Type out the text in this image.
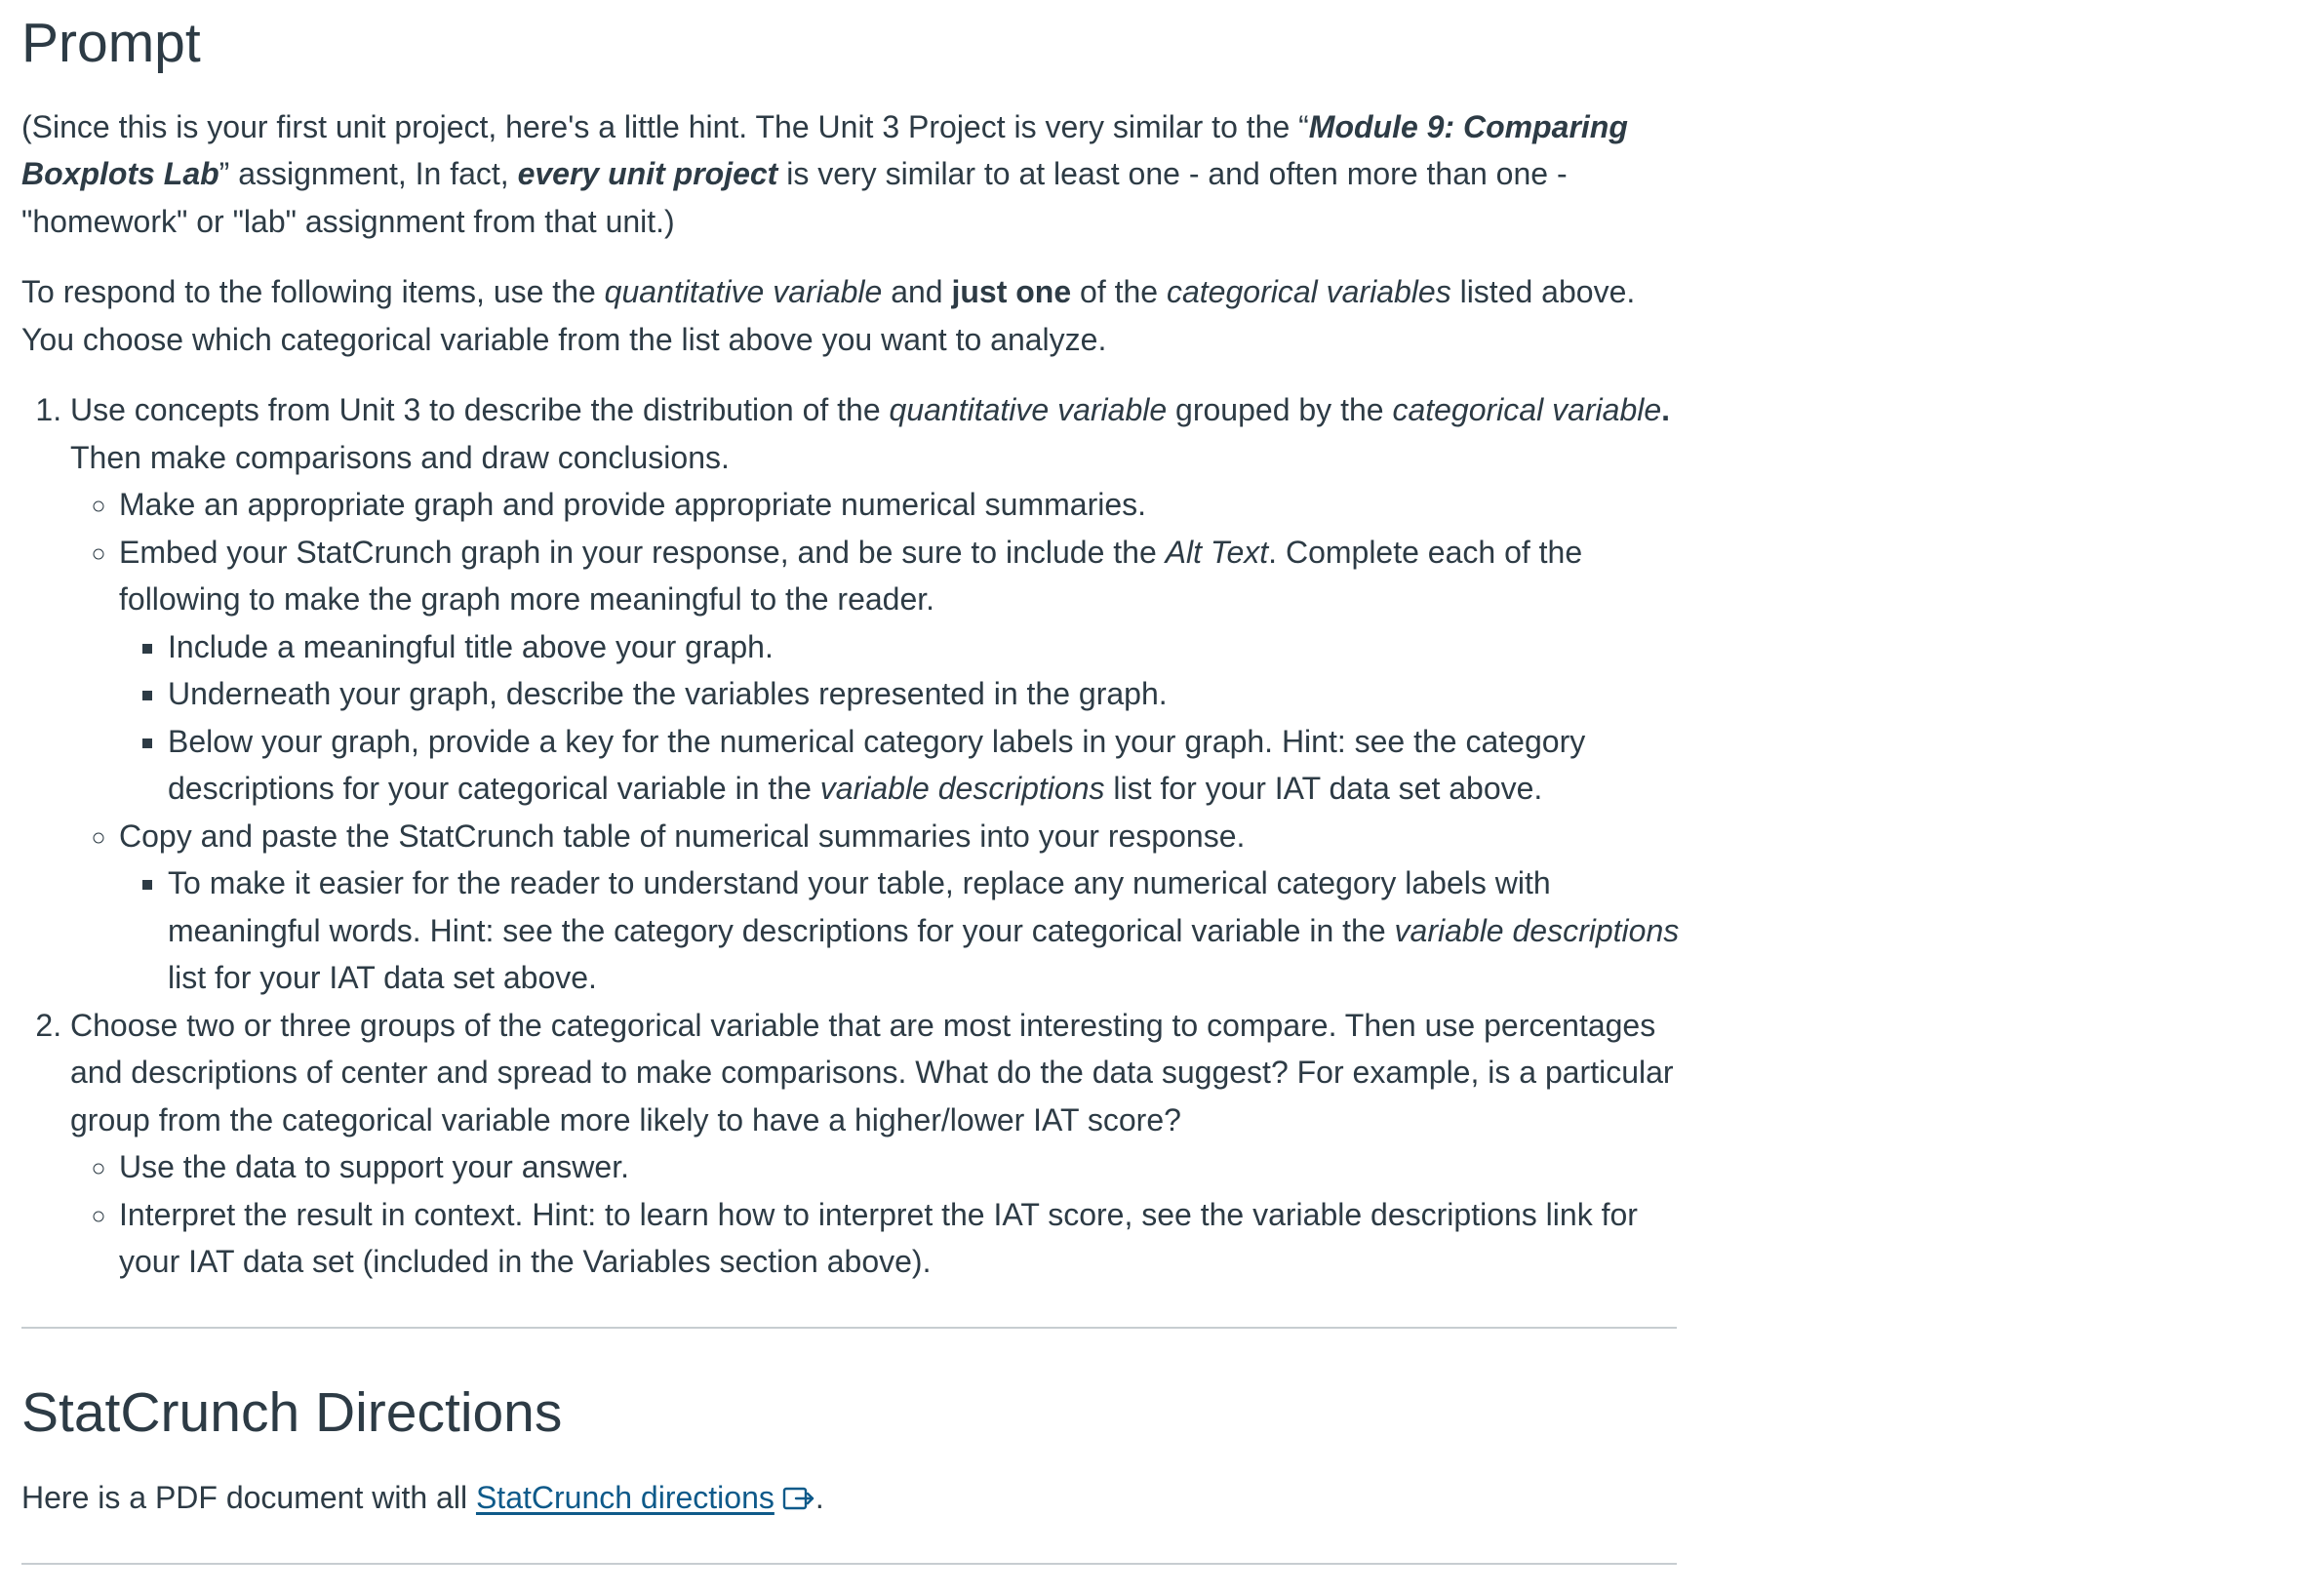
Prompt

(Since this is your first unit project, here's a little hint. The Unit 3 Project is very similar to the “Module 9: Comparing Boxplots Lab” assignment, In fact, every unit project is very similar to at least one - and often more than one - "homework" or "lab" assignment from that unit.)

To respond to the following items, use the quantitative variable and just one of the categorical variables listed above. You choose which categorical variable from the list above you want to analyze.

1. Use concepts from Unit 3 to describe the distribution of the quantitative variable grouped by the categorical variable. Then make comparisons and draw conclusions.
◦ Make an appropriate graph and provide appropriate numerical summaries.
◦ Embed your StatCrunch graph in your response, and be sure to include the Alt Text. Complete each of the following to make the graph more meaningful to the reader.
▪ Include a meaningful title above your graph.
▪ Underneath your graph, describe the variables represented in the graph.
▪ Below your graph, provide a key for the numerical category labels in your graph. Hint: see the category descriptions for your categorical variable in the variable descriptions list for your IAT data set above.
◦ Copy and paste the StatCrunch table of numerical summaries into your response.
▪ To make it easier for the reader to understand your table, replace any numerical category labels with meaningful words. Hint: see the category descriptions for your categorical variable in the variable descriptions list for your IAT data set above.
2. Choose two or three groups of the categorical variable that are most interesting to compare. Then use percentages and descriptions of center and spread to make comparisons. What do the data suggest? For example, is a particular group from the categorical variable more likely to have a higher/lower IAT score?
◦ Use the data to support your answer.
◦ Interpret the result in context. Hint: to learn how to interpret the IAT score, see the variable descriptions link for your IAT data set (included in the Variables section above).
StatCrunch Directions

Here is a PDF document with all StatCrunch directions .
